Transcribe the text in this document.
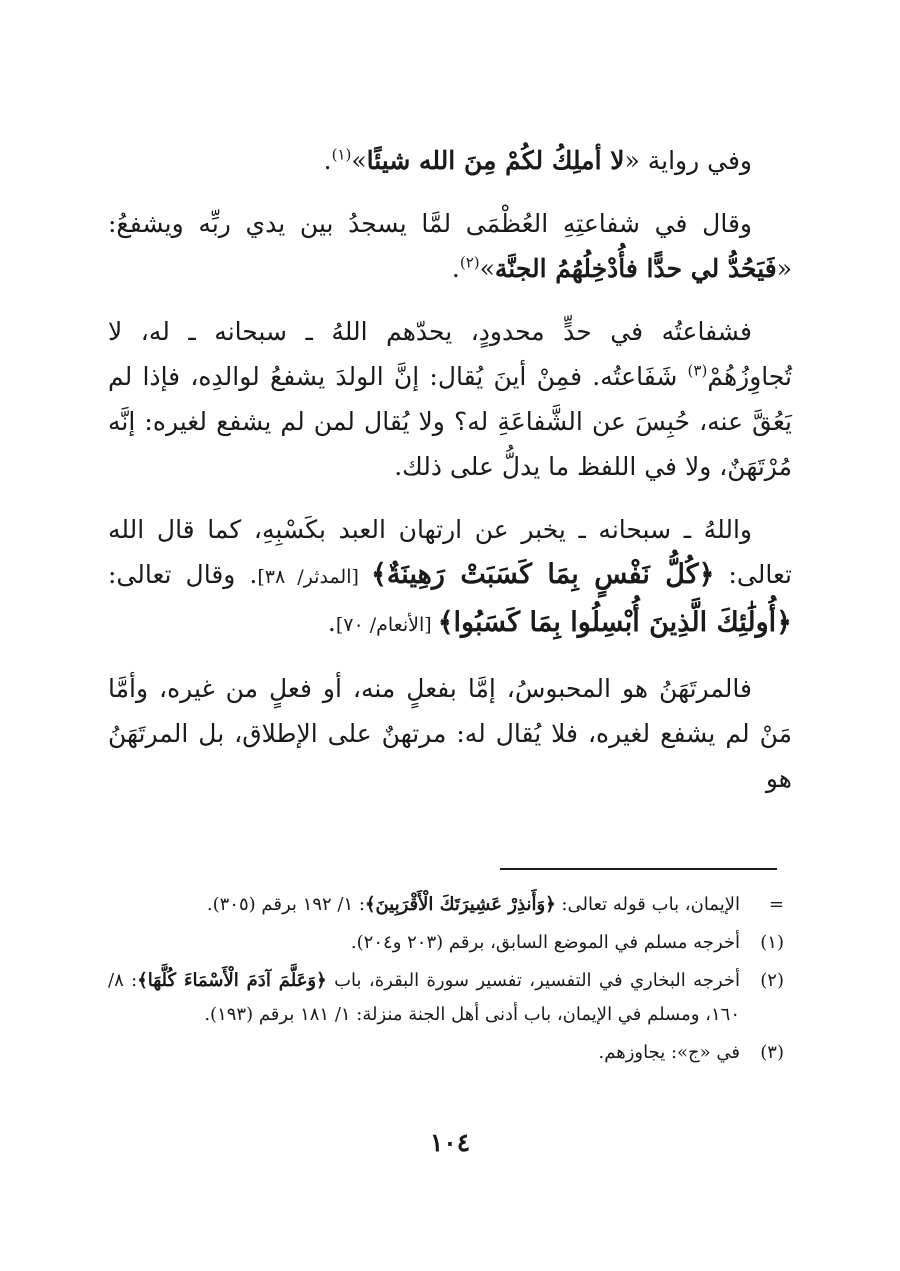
وفي رواية «لا أملِكُ لكُمْ مِنَ الله شيئًا»$^{(١)}$.

وقال في شفاعتِهِ العُظْمَى لمَّا يسجدُ بين يدي ربِّه ويشفعُ: «فَيَحُدُّ لي حدًّا فأُدْخِلُهُمُ الجنَّة»$^{(٢)}$.

فشفاعتُه في حدٍّ محدودٍ، يحدّهم اللهُ ـ سبحانه ـ له، لا تُجاوِزُهُمْ$^{(٣)}$ شَفَاعتُه. فمِنْ أينَ يُقال: إنَّ الولدَ يشفعُ لوالدِه، فإذا لم يَعُقَّ عنه، حُبِسَ عن الشَّفاعَةِ له؟ ولا يُقال لمن لم يشفع لغيره: إنَّه مُرْتَهَنٌ، ولا في اللفظ ما يدلُّ على ذلك.

واللهُ ـ سبحانه ـ يخبر عن ارتهان العبد بكَسْبِهِ، كما قال الله تعالى: ﴿كُلُّ نَفْسٍ بِمَا كَسَبَتْ رَهِينَةٌ﴾ [المدثر/ ٣٨]. وقال تعالى: ﴿أُولَٰئِكَ الَّذِينَ أُبْسِلُوا بِمَا كَسَبُوا﴾ [الأنعام/ ٧٠].

فالمرتَهَنُ هو المحبوسُ، إمَّا بفعلٍ منه، أو فعلٍ من غيره، وأمَّا مَنْ لم يشفع لغيره، فلا يُقال له: مرتهنٌ على الإطلاق، بل المرتَهَنُ هو

=
الإيمان، باب قوله تعالى: ﴿وَأَنذِرْ عَشِيرَتَكَ الْأَقْرَبِينَ﴾: ١/ ١٩٢ برقم (٣٠٥).
(١)
أخرجه مسلم في الموضع السابق، برقم (٢٠٣ و٢٠٤).
(٢)
أخرجه البخاري في التفسير، تفسير سورة البقرة، باب ﴿وَعَلَّمَ آدَمَ الْأَسْمَاءَ كُلَّهَا﴾: ٨/ ١٦٠، ومسلم في الإيمان، باب أدنى أهل الجنة منزلة: ١/ ١٨١ برقم (١٩٣).
(٣)
في «ج»: يجاوزهم.
١٠٤
